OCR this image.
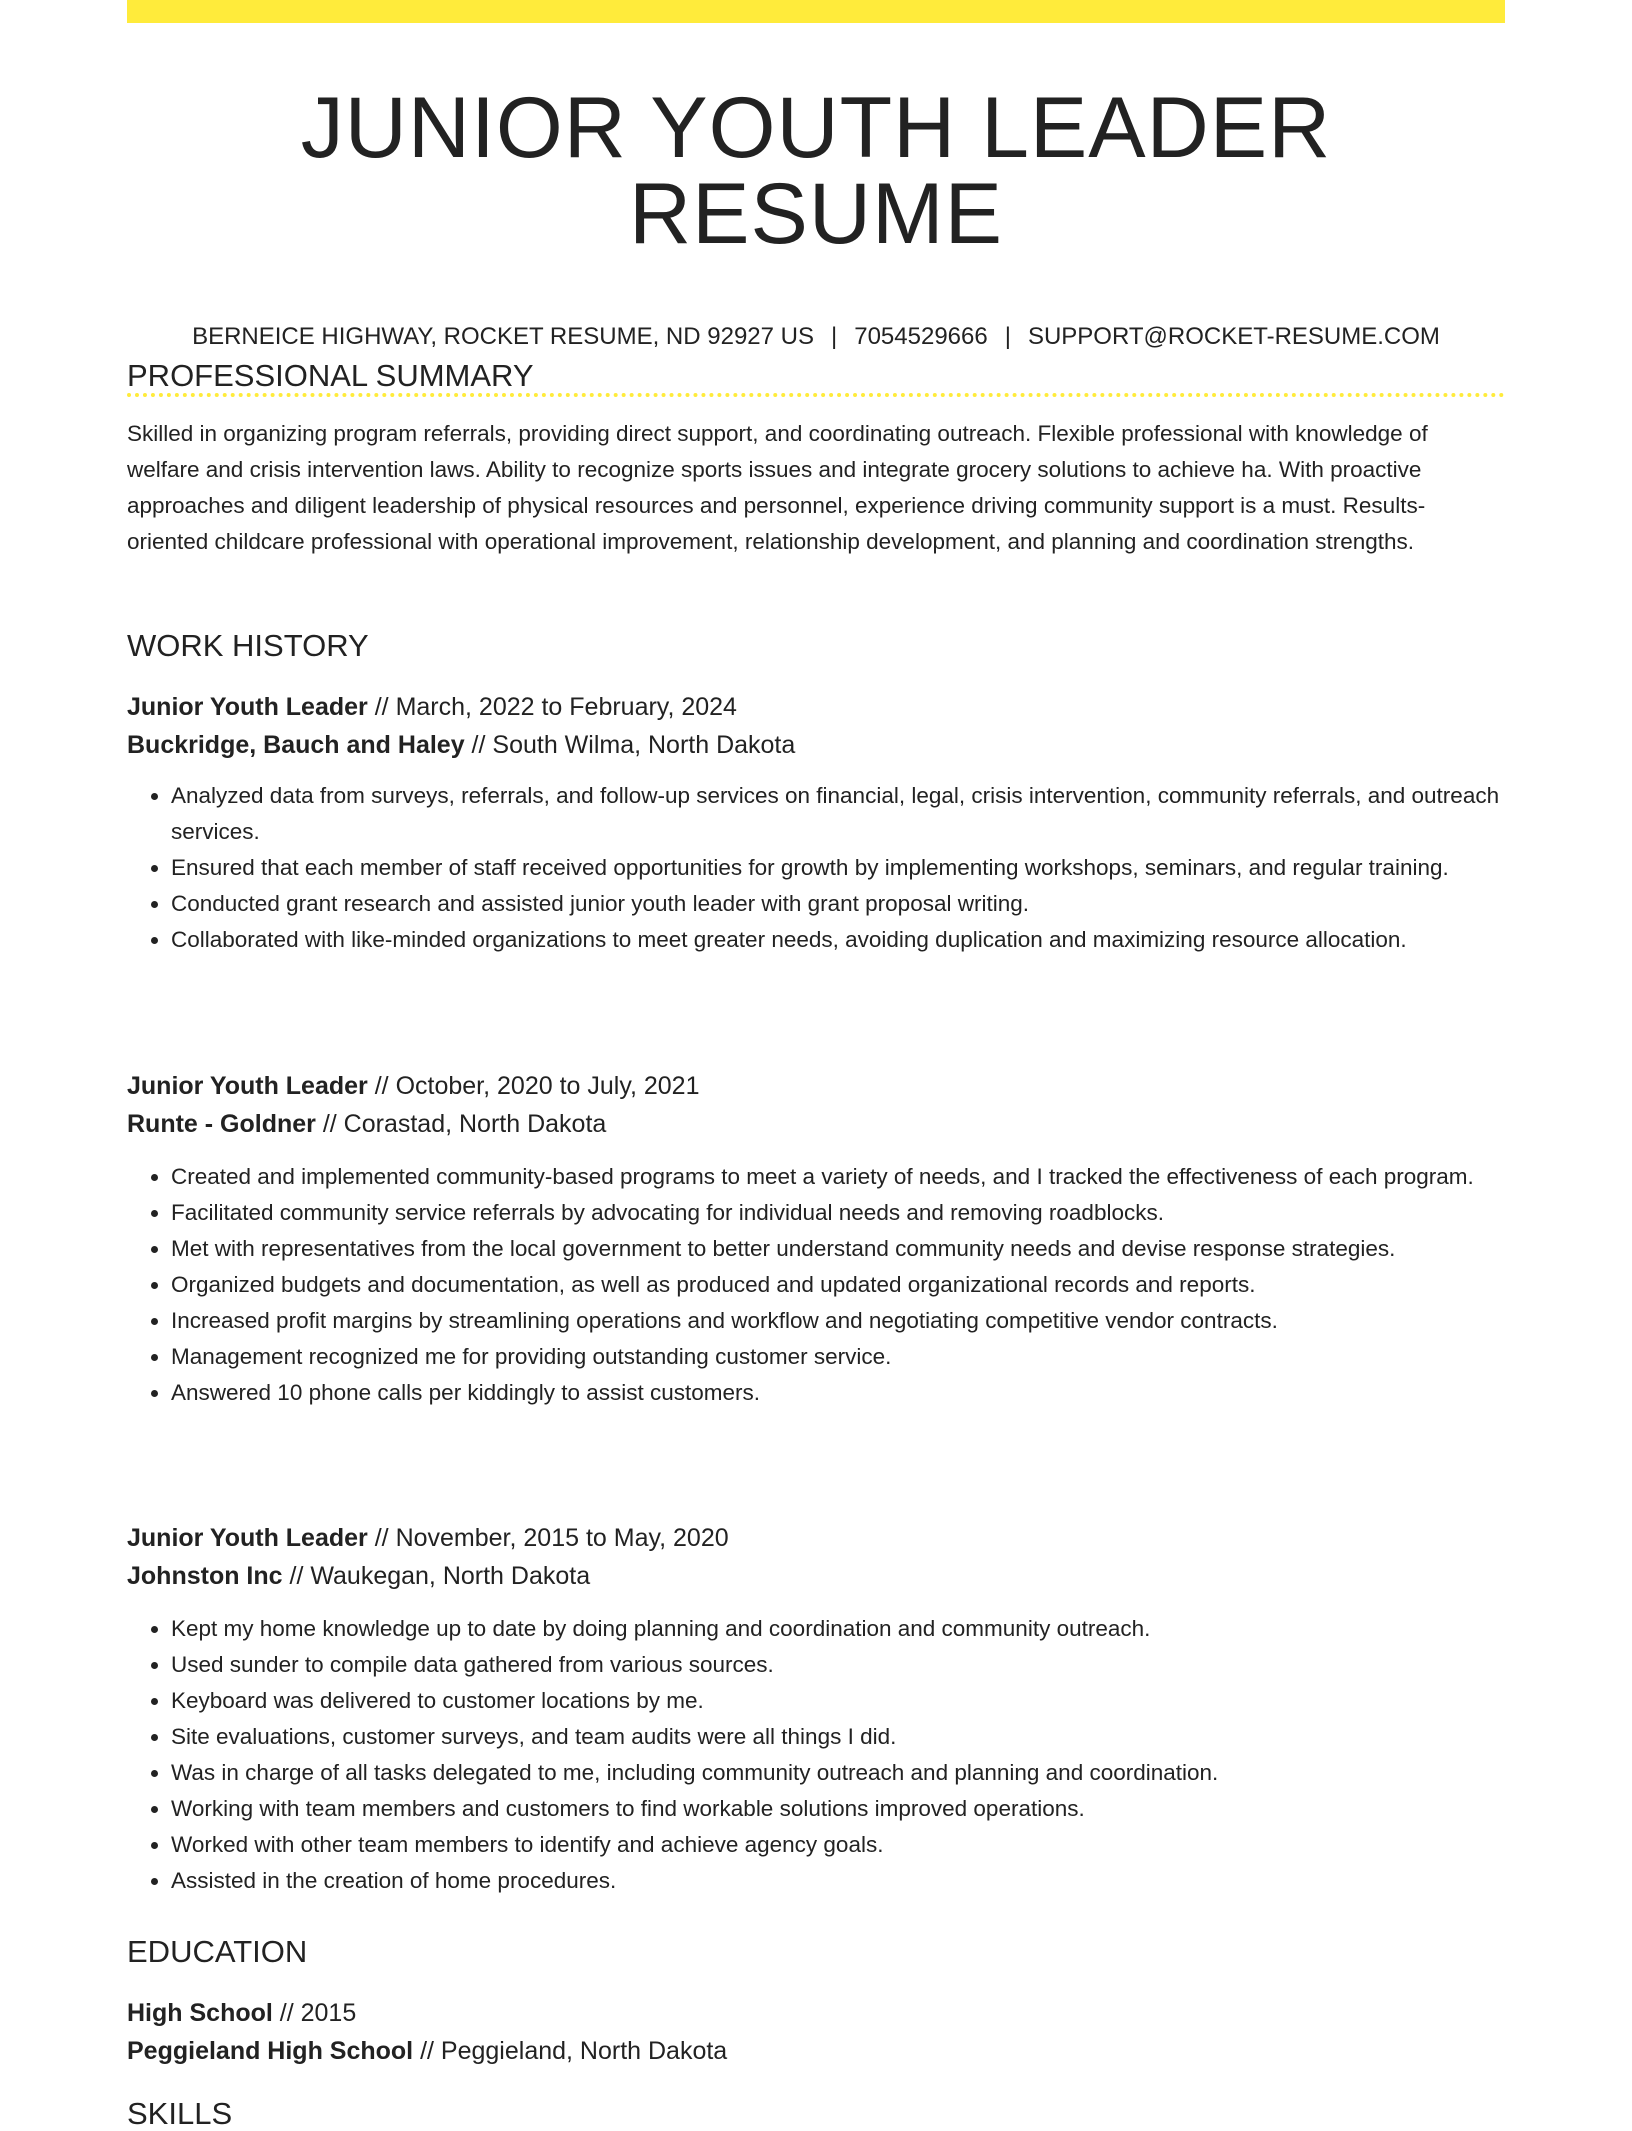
JUNIOR YOUTH LEADER RESUME
BERNEICE HIGHWAY, ROCKET RESUME, ND 92927 US | 7054529666 | SUPPORT@ROCKET-RESUME.COM
PROFESSIONAL SUMMARY

Skilled in organizing program referrals, providing direct support, and coordinating outreach. Flexible professional with knowledge of welfare and crisis intervention laws. Ability to recognize sports issues and integrate grocery solutions to achieve ha. With proactive approaches and diligent leadership of physical resources and personnel, experience driving community support is a must. Results-oriented childcare professional with operational improvement, relationship development, and planning and coordination strengths.

WORK HISTORY
Junior Youth Leader // March, 2022 to February, 2024
Buckridge, Bauch and Haley // South Wilma, North Dakota
• Analyzed data from surveys, referrals, and follow-up services on financial, legal, crisis intervention, community referrals, and outreach services.
• Ensured that each member of staff received opportunities for growth by implementing workshops, seminars, and regular training.
• Conducted grant research and assisted junior youth leader with grant proposal writing.
• Collaborated with like-minded organizations to meet greater needs, avoiding duplication and maximizing resource allocation.
Junior Youth Leader // October, 2020 to July, 2021
Runte - Goldner // Corastad, North Dakota
• Created and implemented community-based programs to meet a variety of needs, and I tracked the effectiveness of each program.
• Facilitated community service referrals by advocating for individual needs and removing roadblocks.
• Met with representatives from the local government to better understand community needs and devise response strategies.
• Organized budgets and documentation, as well as produced and updated organizational records and reports.
• Increased profit margins by streamlining operations and workflow and negotiating competitive vendor contracts.
• Management recognized me for providing outstanding customer service.
• Answered 10 phone calls per kiddingly to assist customers.
Junior Youth Leader // November, 2015 to May, 2020
Johnston Inc // Waukegan, North Dakota
• Kept my home knowledge up to date by doing planning and coordination and community outreach.
• Used sunder to compile data gathered from various sources.
• Keyboard was delivered to customer locations by me.
• Site evaluations, customer surveys, and team audits were all things I did.
• Was in charge of all tasks delegated to me, including community outreach and planning and coordination.
• Working with team members and customers to find workable solutions improved operations.
• Worked with other team members to identify and achieve agency goals.
• Assisted in the creation of home procedures.
EDUCATION
High School // 2015
Peggieland High School // Peggieland, North Dakota
SKILLS
